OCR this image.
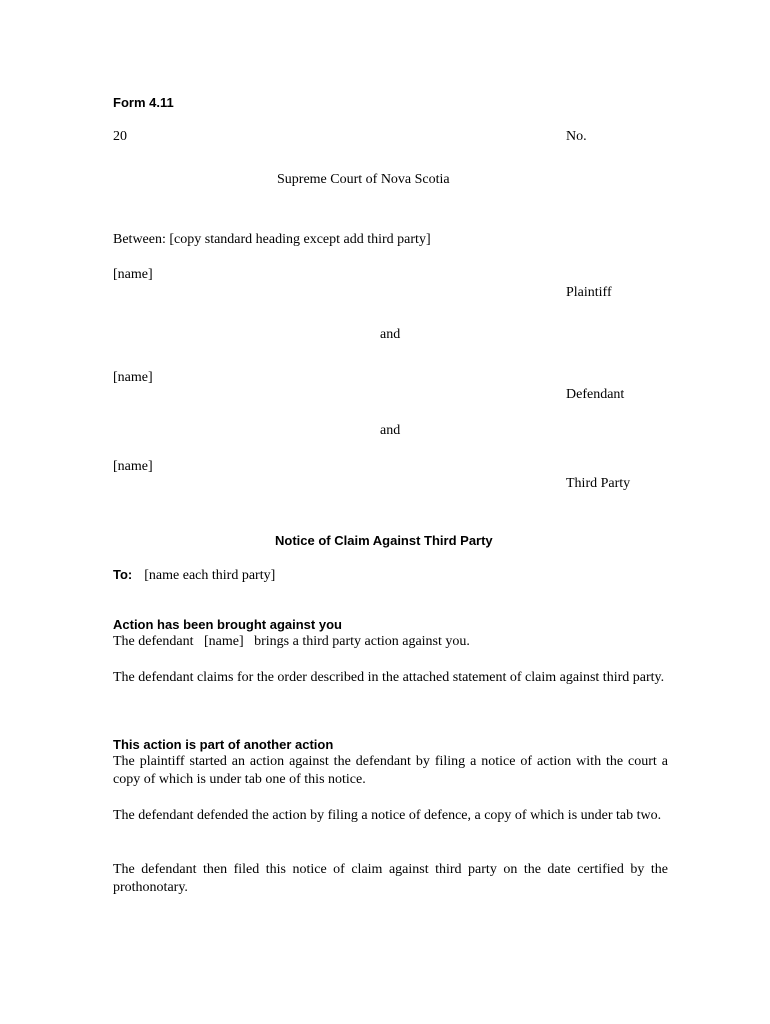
Form 4.11
20	No.
Supreme Court of Nova Scotia
Between: [copy standard heading except add third party]
[name]
Plaintiff
and
[name]
Defendant
and
[name]
Third Party
Notice of Claim Against Third Party
To: [name each third party]
Action has been brought against you
The defendant   [name]   brings a third party action against you.
The defendant claims for the order described in the attached statement of claim against third party.
This action is part of another action
The plaintiff started an action against the defendant by filing a notice of action with the court a copy of which is under tab one of this notice.
The defendant defended the action by filing a notice of defence, a copy of which is under tab two.
The defendant then filed this notice of claim against third party on the date certified by the prothonotary.
